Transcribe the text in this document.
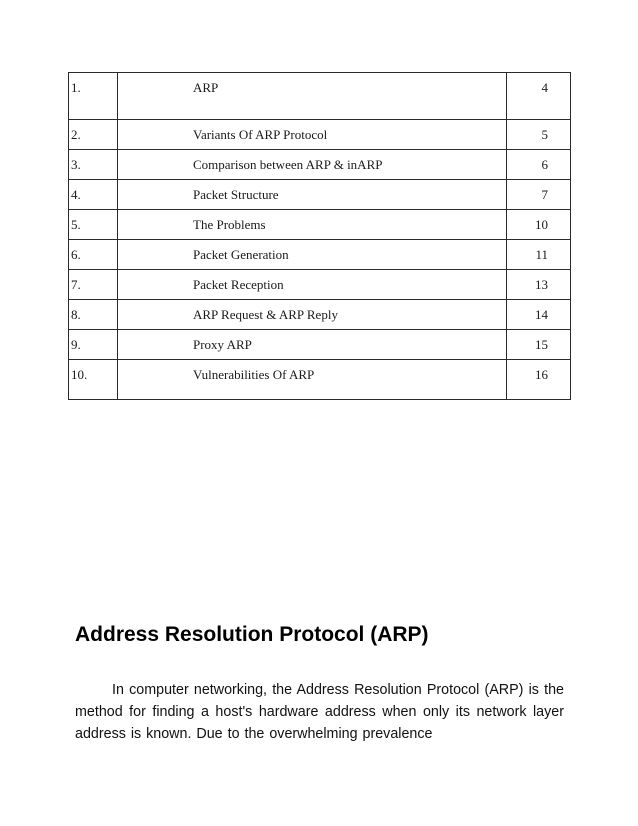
1.	ARP	4
2.	Variants Of ARP Protocol	5
3.	Comparison between ARP & inARP	6
4.	Packet Structure	7
5.	The Problems	10
6.	Packet Generation	11
7.	Packet Reception	13
8.	ARP Request & ARP Reply	14
9.	Proxy ARP	15
10.	Vulnerabilities Of ARP	16
Address Resolution Protocol (ARP)

In computer networking, the Address Resolution Protocol (ARP) is the method for finding a host's hardware address when only its network layer address is known. Due to the overwhelming prevalence
